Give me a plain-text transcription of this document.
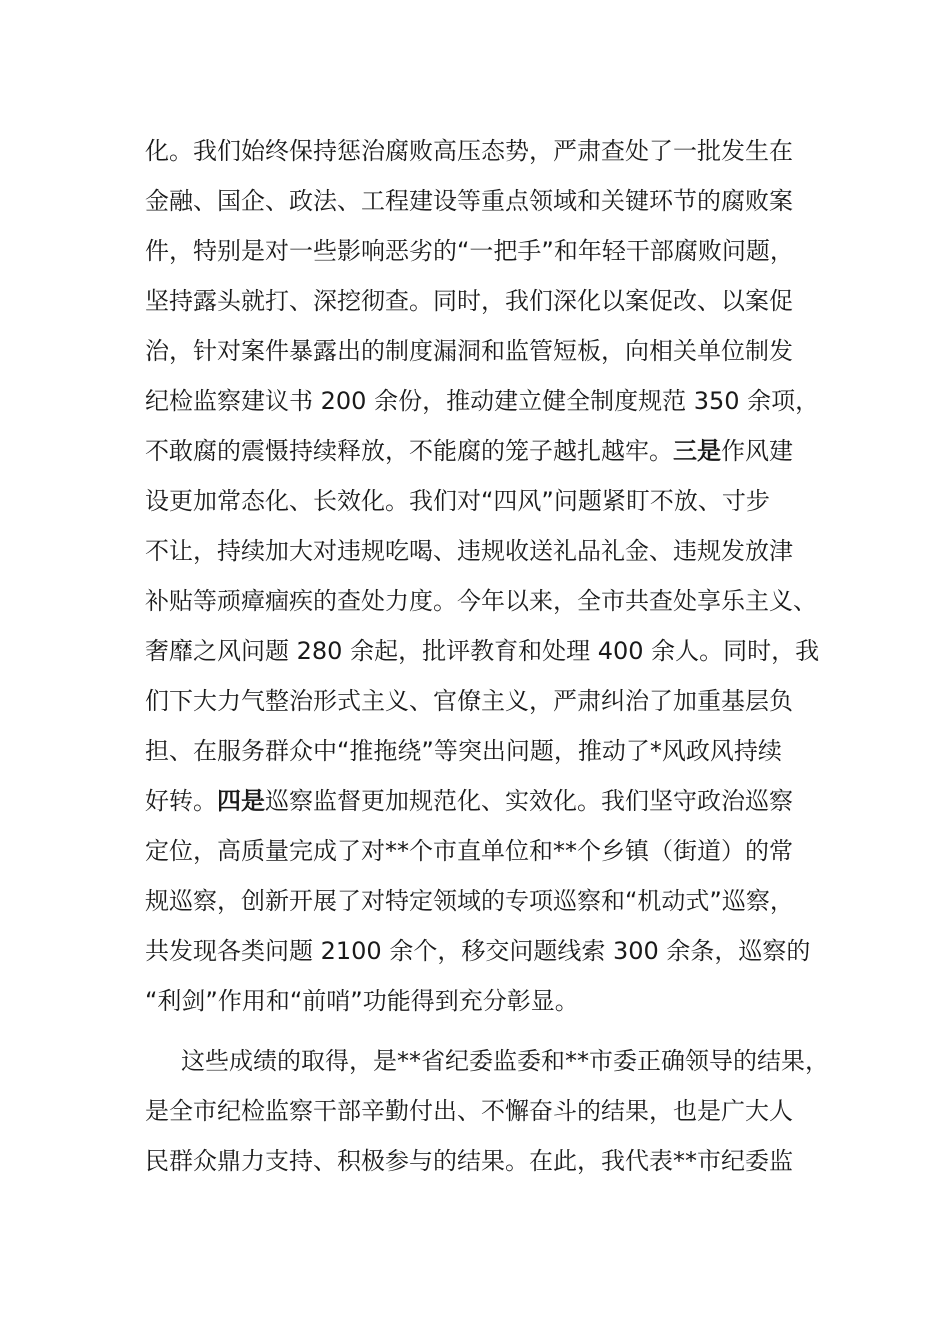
化。我们始终保持惩治腐败高压态势，严肃查处了一批发生在
金融、国企、政法、工程建设等重点领域和关键环节的腐败案
件，特别是对一些影响恶劣的“一把手”和年轻干部腐败问题，
坚持露头就打、深挖彻查。同时，我们深化以案促改、以案促
治，针对案件暴露出的制度漏洞和监管短板，向相关单位制发
纪检监察建议书 200 余份，推动建立健全制度规范 350 余项，
不敢腐的震慑持续释放，不能腐的笼子越扎越牢。三是作风建
设更加常态化、长效化。我们对“四风”问题紧盯不放、寸步
不让，持续加大对违规吃喝、违规收送礼品礼金、违规发放津
补贴等顽瘴痼疾的查处力度。今年以来，全市共查处享乐主义、
奢靡之风问题 280 余起，批评教育和处理 400 余人。同时，我
们下大力气整治形式主义、官僚主义，严肃纠治了加重基层负
担、在服务群众中“推拖绕”等突出问题，推动了*风政风持续
好转。四是巡察监督更加规范化、实效化。我们坚守政治巡察
定位，高质量完成了对**个市直单位和**个乡镇（街道）的常
规巡察，创新开展了对特定领域的专项巡察和“机动式”巡察，
共发现各类问题 2100 余个，移交问题线索 300 余条，巡察的
“利剑”作用和“前哨”功能得到充分彰显。
这些成绩的取得，是**省纪委监委和**市委正确领导的结果，
是全市纪检监察干部辛勤付出、不懈奋斗的结果，也是广大人
民群众鼎力支持、积极参与的结果。在此，我代表**市纪委监
